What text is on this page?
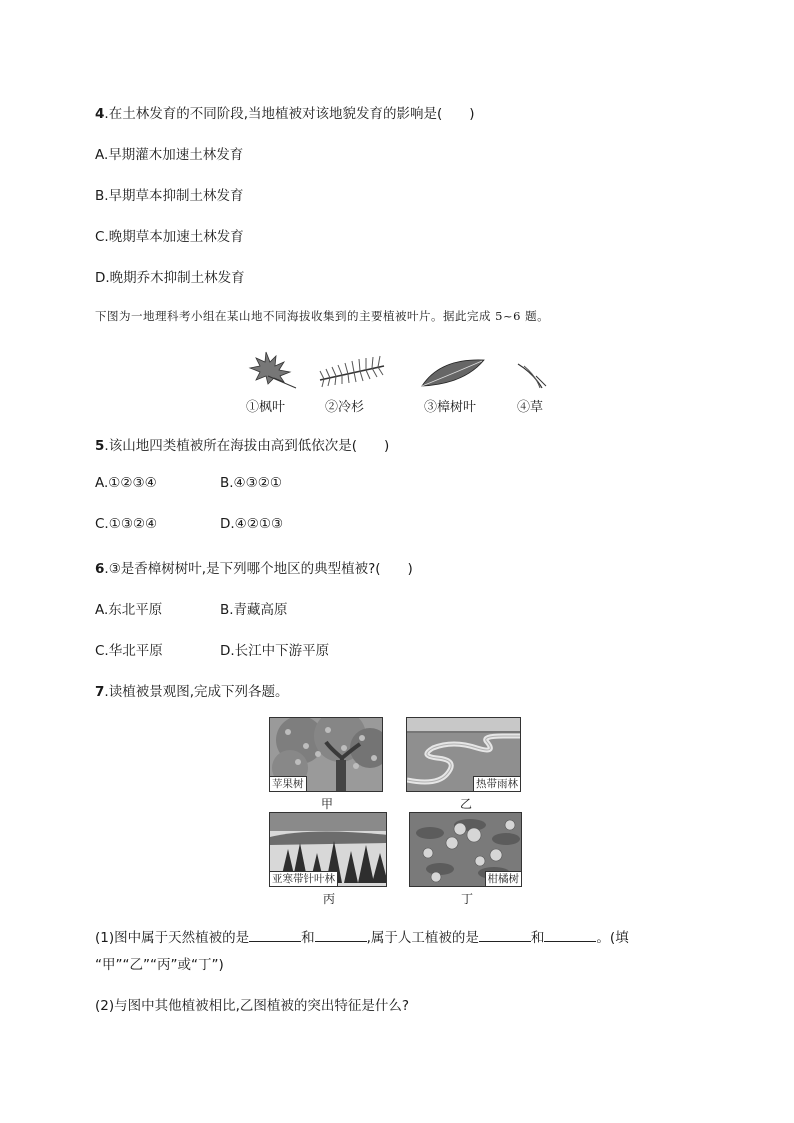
4.在土林发育的不同阶段,当地植被对该地貌发育的影响是(　　)
A.早期灌木加速土林发育
B.早期草本抑制土林发育
C.晚期草本加速土林发育
D.晚期乔木抑制土林发育
下图为一地理科考小组在某山地不同海拔收集到的主要植被叶片。据此完成 5~6 题。
①枫叶	②冷杉	③樟树叶	④草
5.该山地四类植被所在海拔由高到低依次是(　　)
A.①②③④	B.④③②①
C.①③②④	D.④②①③
6.③是香樟树树叶,是下列哪个地区的典型植被?(　　)
A.东北平原	B.青藏高原
C.华北平原	D.长江中下游平原
7.读植被景观图,完成下列各题。
苹果树
甲
热带雨林
乙
亚寒带针叶林
丙
柑橘树
丁
(1)图中属于天然植被的是	和	,属于人工植被的是	和	。(填
“甲”“乙”“丙”或“丁”)
(2)与图中其他植被相比,乙图植被的突出特征是什么?
